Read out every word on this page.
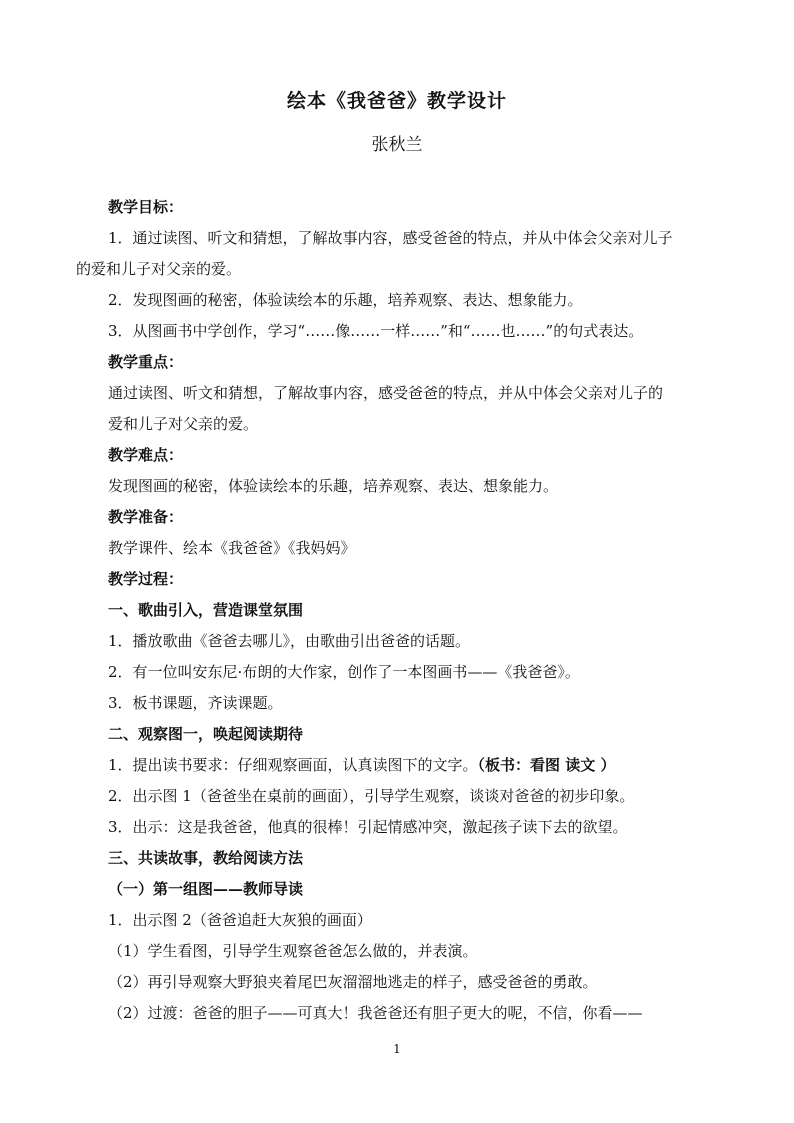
绘本《我爸爸》教学设计
张秋兰
教学目标：
1．通过读图、听文和猜想，了解故事内容，感受爸爸的特点，并从中体会父亲对儿子
的爱和儿子对父亲的爱。
2．发现图画的秘密，体验读绘本的乐趣，培养观察、表达、想象能力。
3．从图画书中学创作，学习“……像……一样……”和“……也……”的句式表达。
教学重点：
通过读图、听文和猜想，了解故事内容，感受爸爸的特点，并从中体会父亲对儿子的
爱和儿子对父亲的爱。
教学难点：
发现图画的秘密，体验读绘本的乐趣，培养观察、表达、想象能力。
教学准备：
教学课件、绘本《我爸爸》《我妈妈》
教学过程：
一、歌曲引入，营造课堂氛围
1．播放歌曲《爸爸去哪儿》，由歌曲引出爸爸的话题。
2．有一位叫安东尼·布朗的大作家，创作了一本图画书——《我爸爸》。
3．板书课题，齐读课题。
二、观察图一，唤起阅读期待
1．提出读书要求：仔细观察画面，认真读图下的文字。（板书：看图 读文 ）
2．出示图 1（爸爸坐在桌前的画面），引导学生观察，谈谈对爸爸的初步印象。
3．出示：这是我爸爸，他真的很棒！引起情感冲突，激起孩子读下去的欲望。
三、共读故事，教给阅读方法
（一）第一组图——教师导读
1．出示图 2（爸爸追赶大灰狼的画面）
（1）学生看图，引导学生观察爸爸怎么做的，并表演。
（2）再引导观察大野狼夹着尾巴灰溜溜地逃走的样子，感受爸爸的勇敢。
（2）过渡：爸爸的胆子——可真大！我爸爸还有胆子更大的呢，不信，你看——
1
